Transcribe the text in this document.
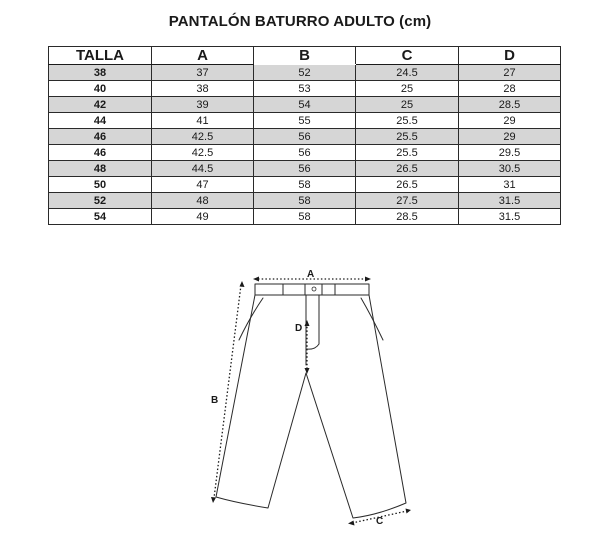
PANTALÓN BATURRO ADULTO (cm)
TALLA	A	B	C	D
38	37	52	24.5	27
40	38	53	25	28
42	39	54	25	28.5
44	41	55	25.5	29
46	42.5	56	25.5	29
46	42.5	56	25.5	29.5
48	44.5	56	26.5	30.5
50	47	58	26.5	31
52	48	58	27.5	31.5
54	49	58	28.5	31.5
A
B
D
C
